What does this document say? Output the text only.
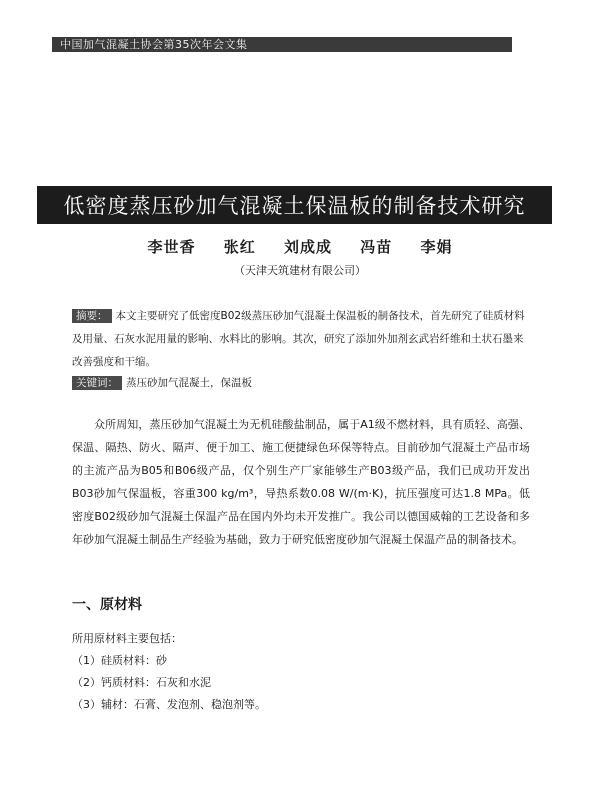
中国加气混凝土协会第35次年会文集
低密度蒸压砂加气混凝土保温板的制备技术研究
李世香 张红 刘成成 冯苗 李娟
（天津天筑建材有限公司）
摘要： 本文主要研究了低密度B02级蒸压砂加气混凝土保温板的制备技术，首先研究了硅质材料及用量、石灰水泥用量的影响、水料比的影响。其次，研究了添加外加剂玄武岩纤维和土状石墨来改善强度和干缩。
关键词： 蒸压砂加气混凝土，保温板
众所周知，蒸压砂加气混凝土为无机硅酸盐制品，属于A1级不燃材料，具有质轻、高强、保温、隔热、防火、隔声、便于加工、施工便捷绿色环保等特点。目前砂加气混凝土产品市场的主流产品为B05和B06级产品，仅个别生产厂家能够生产B03级产品，我们已成功开发出B03砂加气保温板，容重300 kg/m³，导热系数0.08 W/(m·K)，抗压强度可达1.8 MPa。低密度B02级砂加气混凝土保温产品在国内外均未开发推广。我公司以德国威翰的工艺设备和多年砂加气混凝土制品生产经验为基础，致力于研究低密度砂加气混凝土保温产品的制备技术。
一、原材料
所用原材料主要包括：
（1）硅质材料：砂
（2）钙质材料：石灰和水泥
（3）辅材：石膏、发泡剂、稳泡剂等。
